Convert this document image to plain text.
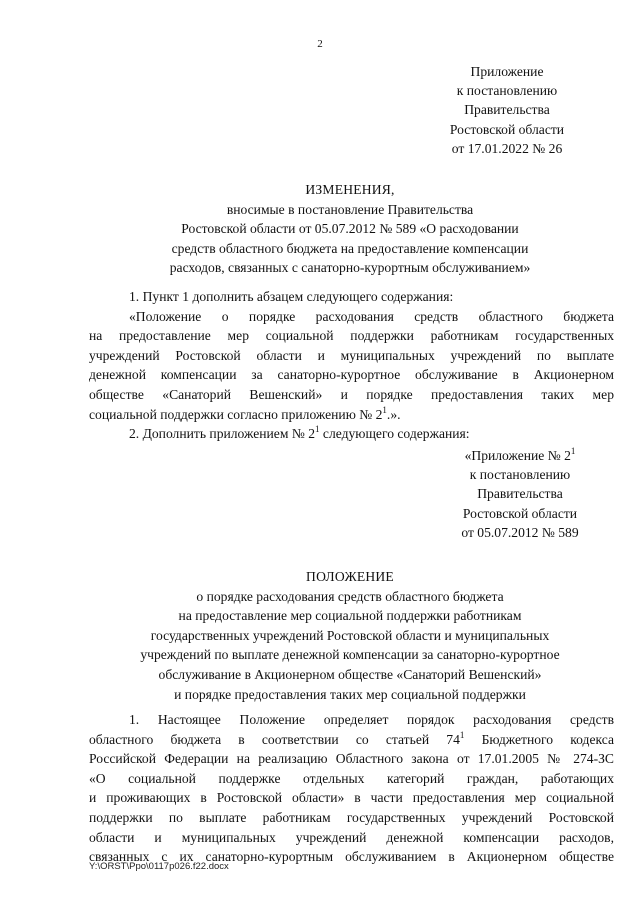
2
Приложение
к постановлению
Правительства
Ростовской области
от 17.01.2022 № 26
ИЗМЕНЕНИЯ,
вносимые в постановление Правительства
Ростовской области от 05.07.2012 № 589 «О расходовании
средств областного бюджета на предоставление компенсации
расходов, связанных с санаторно-курортным обслуживанием»
1. Пункт 1 дополнить абзацем следующего содержания:
«Положение о порядке расходования средств областного бюджета
на предоставление мер социальной поддержки работникам государственных
учреждений Ростовской области и муниципальных учреждений по выплате
денежной компенсации за санаторно-курортное обслуживание в Акционерном
обществе «Санаторий Вешенский» и порядке предоставления таких мер
социальной поддержки согласно приложению № $2^1$.».
2. Дополнить приложением № $2^1$ следующего содержания:
«Приложение № $2^1$
к постановлению
Правительства
Ростовской области
от 05.07.2012 № 589
ПОЛОЖЕНИЕ
о порядке расходования средств областного бюджета
на предоставление мер социальной поддержки работникам
государственных учреждений Ростовской области и муниципальных
учреждений по выплате денежной компенсации за санаторно-курортное
обслуживание в Акционерном обществе «Санаторий Вешенский»
и порядке предоставления таких мер социальной поддержки
1. Настоящее Положение определяет порядок расходования средств
областного бюджета в соответствии со статьей $74^1$ Бюджетного кодекса
Российской Федерации на реализацию Областного закона от 17.01.2005 № 274-ЗС
«О социальной поддержке отдельных категорий граждан, работающих
и проживающих в Ростовской области» в части предоставления мер социальной
поддержки по выплате работникам государственных учреждений Ростовской
области и муниципальных учреждений денежной компенсации расходов,
связанных с их санаторно-курортным обслуживанием в Акционерном обществе
Y:\ORST\Ppo\0117p026.f22.docx
